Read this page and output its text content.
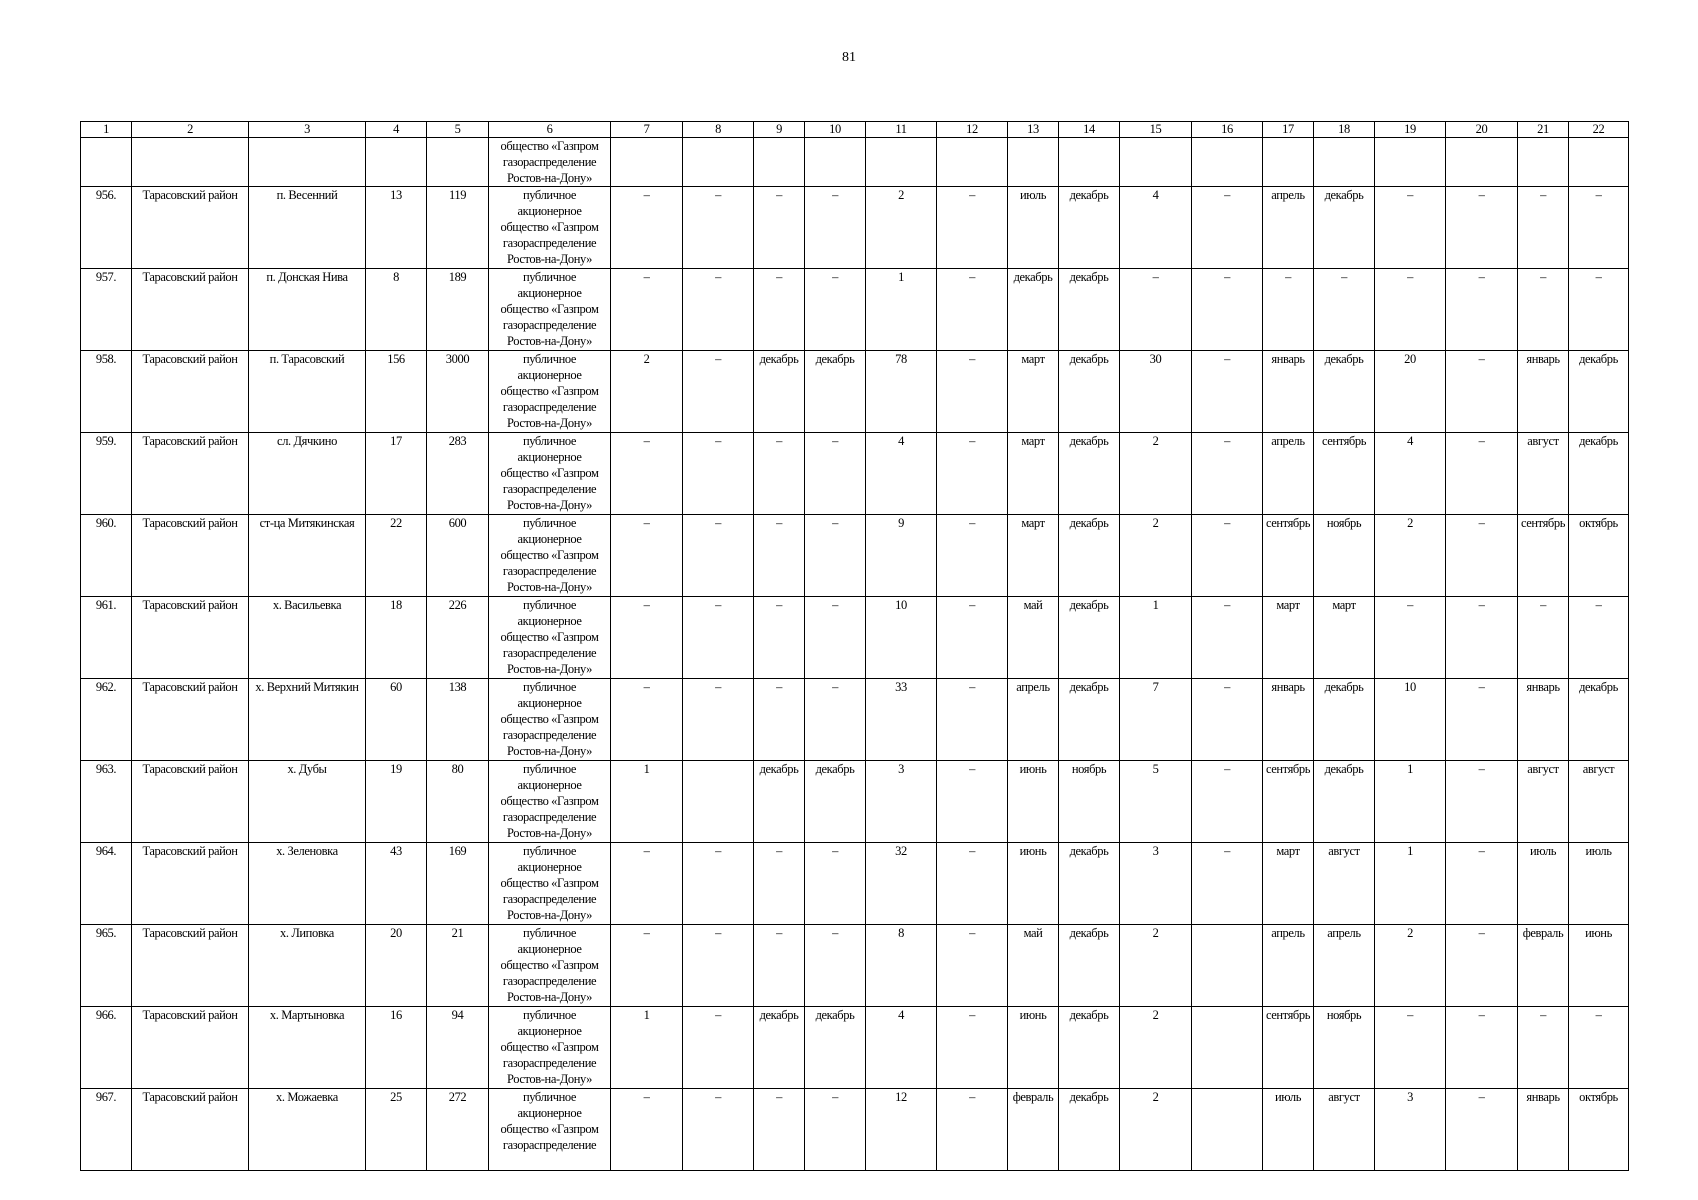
81
1	2	3	4	5	6	7	8	9	10	11	12	13	14	15	16	17	18	19	20	21	22
					общество «Газпром
газораспределение
Ростов-на-Дону»																
956.	Тарасовский район	п. Весенний	13	119	публичное
акционерное
общество «Газпром
газораспределение
Ростов-на-Дону»	–	–	–	–	2	–	июль	декабрь	4	–	апрель	декабрь	–	–	–	–
957.	Тарасовский район	п. Донская Нива	8	189	публичное
акционерное
общество «Газпром
газораспределение
Ростов-на-Дону»	–	–	–	–	1	–	декабрь	декабрь	–	–	–	–	–	–	–	–
958.	Тарасовский район	п. Тарасовский	156	3000	публичное
акционерное
общество «Газпром
газораспределение
Ростов-на-Дону»	2	–	декабрь	декабрь	78	–	март	декабрь	30	–	январь	декабрь	20	–	январь	декабрь
959.	Тарасовский район	сл. Дячкино	17	283	публичное
акционерное
общество «Газпром
газораспределение
Ростов-на-Дону»	–	–	–	–	4	–	март	декабрь	2	–	апрель	сентябрь	4	–	август	декабрь
960.	Тарасовский район	ст-ца Митякинская	22	600	публичное
акционерное
общество «Газпром
газораспределение
Ростов-на-Дону»	–	–	–	–	9	–	март	декабрь	2	–	сентябрь	ноябрь	2	–	сентябрь	октябрь
961.	Тарасовский район	х. Васильевка	18	226	публичное
акционерное
общество «Газпром
газораспределение
Ростов-на-Дону»	–	–	–	–	10	–	май	декабрь	1	–	март	март	–	–	–	–
962.	Тарасовский район	х. Верхний Митякин	60	138	публичное
акционерное
общество «Газпром
газораспределение
Ростов-на-Дону»	–	–	–	–	33	–	апрель	декабрь	7	–	январь	декабрь	10	–	январь	декабрь
963.	Тарасовский район	х. Дубы	19	80	публичное
акционерное
общество «Газпром
газораспределение
Ростов-на-Дону»	1		декабрь	декабрь	3	–	июнь	ноябрь	5	–	сентябрь	декабрь	1	–	август	август
964.	Тарасовский район	х. Зеленовка	43	169	публичное
акционерное
общество «Газпром
газораспределение
Ростов-на-Дону»	–	–	–	–	32	–	июнь	декабрь	3	–	март	август	1	–	июль	июль
965.	Тарасовский район	х. Липовка	20	21	публичное
акционерное
общество «Газпром
газораспределение
Ростов-на-Дону»	–	–	–	–	8	–	май	декабрь	2		апрель	апрель	2	–	февраль	июнь
966.	Тарасовский район	х. Мартыновка	16	94	публичное
акционерное
общество «Газпром
газораспределение
Ростов-на-Дону»	1	–	декабрь	декабрь	4	–	июнь	декабрь	2		сентябрь	ноябрь	–	–	–	–
967.	Тарасовский район	х. Можаевка	25	272	публичное
акционерное
общество «Газпром
газораспределение	–	–	–	–	12	–	февраль	декабрь	2		июль	август	3	–	январь	октябрь
